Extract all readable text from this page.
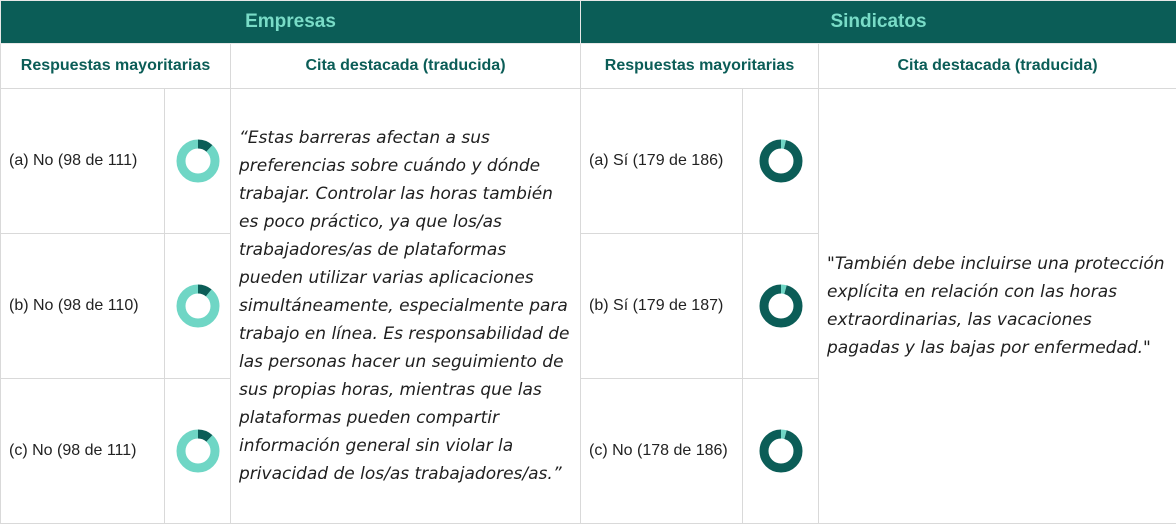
Empresas			Sindicatos		
Respuestas mayoritarias		Cita destacada (traducida)	Respuestas mayoritarias		Cita destacada (traducida)
(a) No (98 de 111)		“Estas barreras afectan a sus preferencias sobre cuándo y dónde trabajar. Controlar las horas también es poco práctico, ya que los/as trabajadores/as de plataformas pueden utilizar varias aplicaciones simultáneamente, especialmente para trabajo en línea. Es responsabilidad de las personas hacer un seguimiento de sus propias horas, mientras que las plataformas pueden compartir información general sin violar la privacidad de los/as trabajadores/as.”	(a) Sí (179 de 186)		"También debe incluirse una protección explícita en relación con las horas extraordinarias, las vacaciones pagadas y las bajas por enfermedad."
(b) No (98 de 110)			(b) Sí (179 de 187)	

(c) No (98 de 111)			(c) No (178 de 186)	
